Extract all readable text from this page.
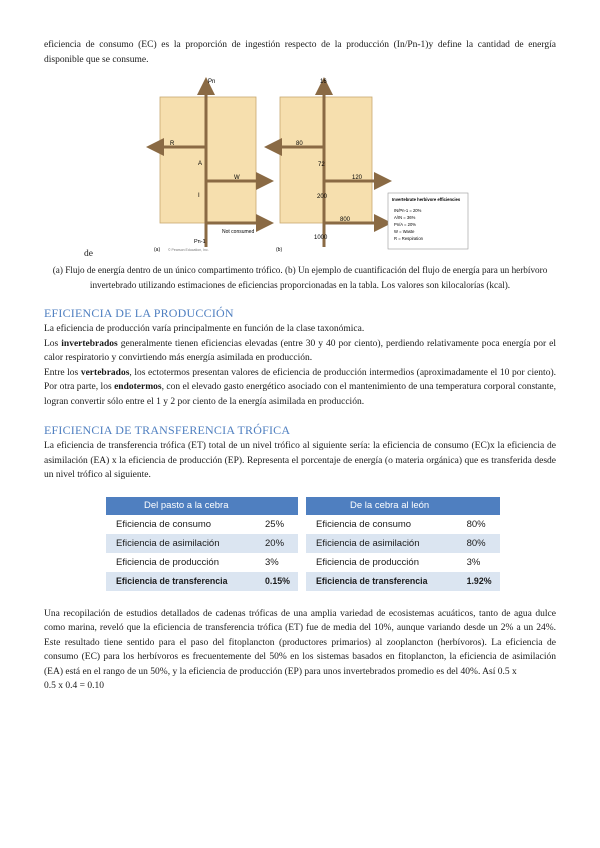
eficiencia de consumo (EC) es la proporción de ingestión respecto de la producción (In/Pn-1)y define la cantidad de energía disponible que se consume.

Pn
R
A
W
I
Not consumed
Pn-1
(a) © Pearson Education, Inc.
16
80
72
120
200
800
1000
(b)
Invertebrate herbivore efficiencies
IN/Pn-1 = 20%
A/IN = 36%
Pn/A = 20%
W = Waste
R = Respiration
de

(a) Flujo de energía dentro de un único compartimento trófico. (b) Un ejemplo de cuantificación del flujo de energía para un herbívoro invertebrado utilizando estimaciones de eficiencias proporcionadas en la tabla. Los valores son kilocalorías (kcal).

EFICIENCIA DE LA PRODUCCIÓN

La eficiencia de producción varía principalmente en función de la clase taxonómica.

Los invertebrados generalmente tienen eficiencias elevadas (entre 30 y 40 por ciento), perdiendo relativamente poca energía por el calor respiratorio y convirtiendo más energía asimilada en producción.

Entre los vertebrados, los ectotermos presentan valores de eficiencia de producción intermedios (aproximadamente el 10 por ciento). Por otra parte, los endotermos, con el elevado gasto energético asociado con el mantenimiento de una temperatura corporal constante, logran convertir sólo entre el 1 y 2 por ciento de la energía asimilada en producción.

EFICIENCIA DE TRANSFERENCIA TRÓFICA

La eficiencia de transferencia trófica (ET) total de un nivel trófico al siguiente sería: la eficiencia de consumo (EC)x la eficiencia de asimilación (EA) x la eficiencia de producción (EP). Representa el porcentaje de energía (o materia orgánica) que es transferida desde un nivel trófico al siguiente.

Del pasto a la cebra	
Eficiencia de consumo	25%
Eficiencia de asimilación	20%
Eficiencia de producción	3%
Eficiencia de transferencia	0.15%
De la cebra al león	
Eficiencia de consumo	80%
Eficiencia de asimilación	80%
Eficiencia de producción	3%
Eficiencia de transferencia	1.92%

Una recopilación de estudios detallados de cadenas tróficas de una amplia variedad de ecosistemas acuáticos, tanto de agua dulce como marina, reveló que la eficiencia de transferencia trófica (ET) fue de media del 10%, aunque variando desde un 2% a un 24%. Este resultado tiene sentido para el paso del fitoplancton (productores primarios) al zooplancton (herbívoros). La eficiencia de consumo (EC) para los herbívoros es frecuentemente del 50% en los sistemas basados en fitoplancton, la eficiencia de asimilación (EA) está en el rango de un 50%, y la eficiencia de producción (EP) para unos invertebrados promedio es del 40%. Así 0.5 x

0.5 x 0.4 = 0.10
